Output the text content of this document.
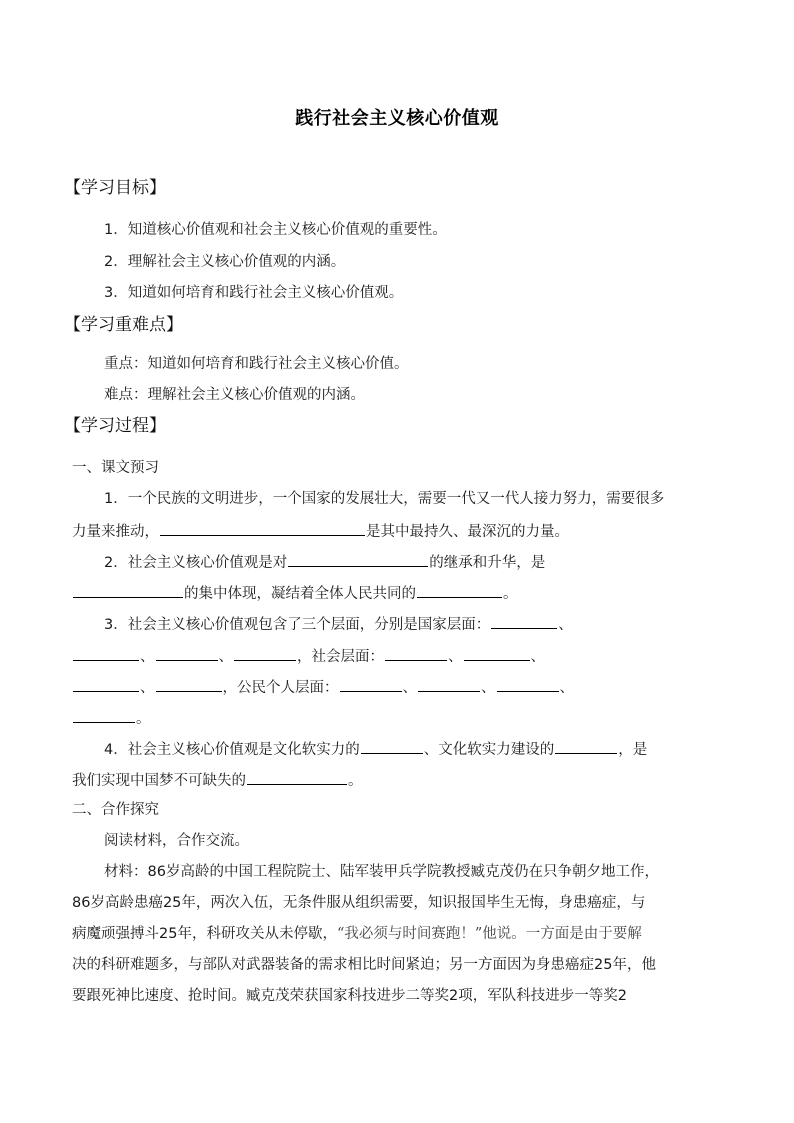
践行社会主义核心价值观
【学习目标】
1．知道核心价值观和社会主义核心价值观的重要性。
2．理解社会主义核心价值观的内涵。
3．知道如何培育和践行社会主义核心价值观。
【学习重难点】
重点：知道如何培育和践行社会主义核心价值。
难点：理解社会主义核心价值观的内涵。
【学习过程】
一、课文预习
1．一个民族的文明进步，一个国家的发展壮大，需要一代又一代人接力努力，需要很多
力量来推动，	是其中最持久、最深沉的力量。
2．社会主义核心价值观是对	的继承和升华，是
的集中体现，凝结着全体人民共同的	。
3．社会主义核心价值观包含了三个层面，分别是国家层面：	、
、	、	，社会层面：	、	、
、	，公民个人层面：	、	、	、
。
4．社会主义核心价值观是文化软实力的	、文化软实力建设的	，是
我们实现中国梦不可缺失的	。
二、合作探究
阅读材料，合作交流。
材料：86岁高龄的中国工程院院士、陆军装甲兵学院教授臧克茂仍在只争朝夕地工作，
86岁高龄患癌25年，两次入伍，无条件服从组织需要，知识报国毕生无悔，身患癌症，与
病魔顽强搏斗25年，科研攻关从未停歇，“我必须与时间赛跑！”他说。一方面是由于要解
决的科研难题多，与部队对武器装备的需求相比时间紧迫；另一方面因为身患癌症25年，他
要跟死神比速度、抢时间。臧克茂荣获国家科技进步二等奖2项，军队科技进步一等奖2
